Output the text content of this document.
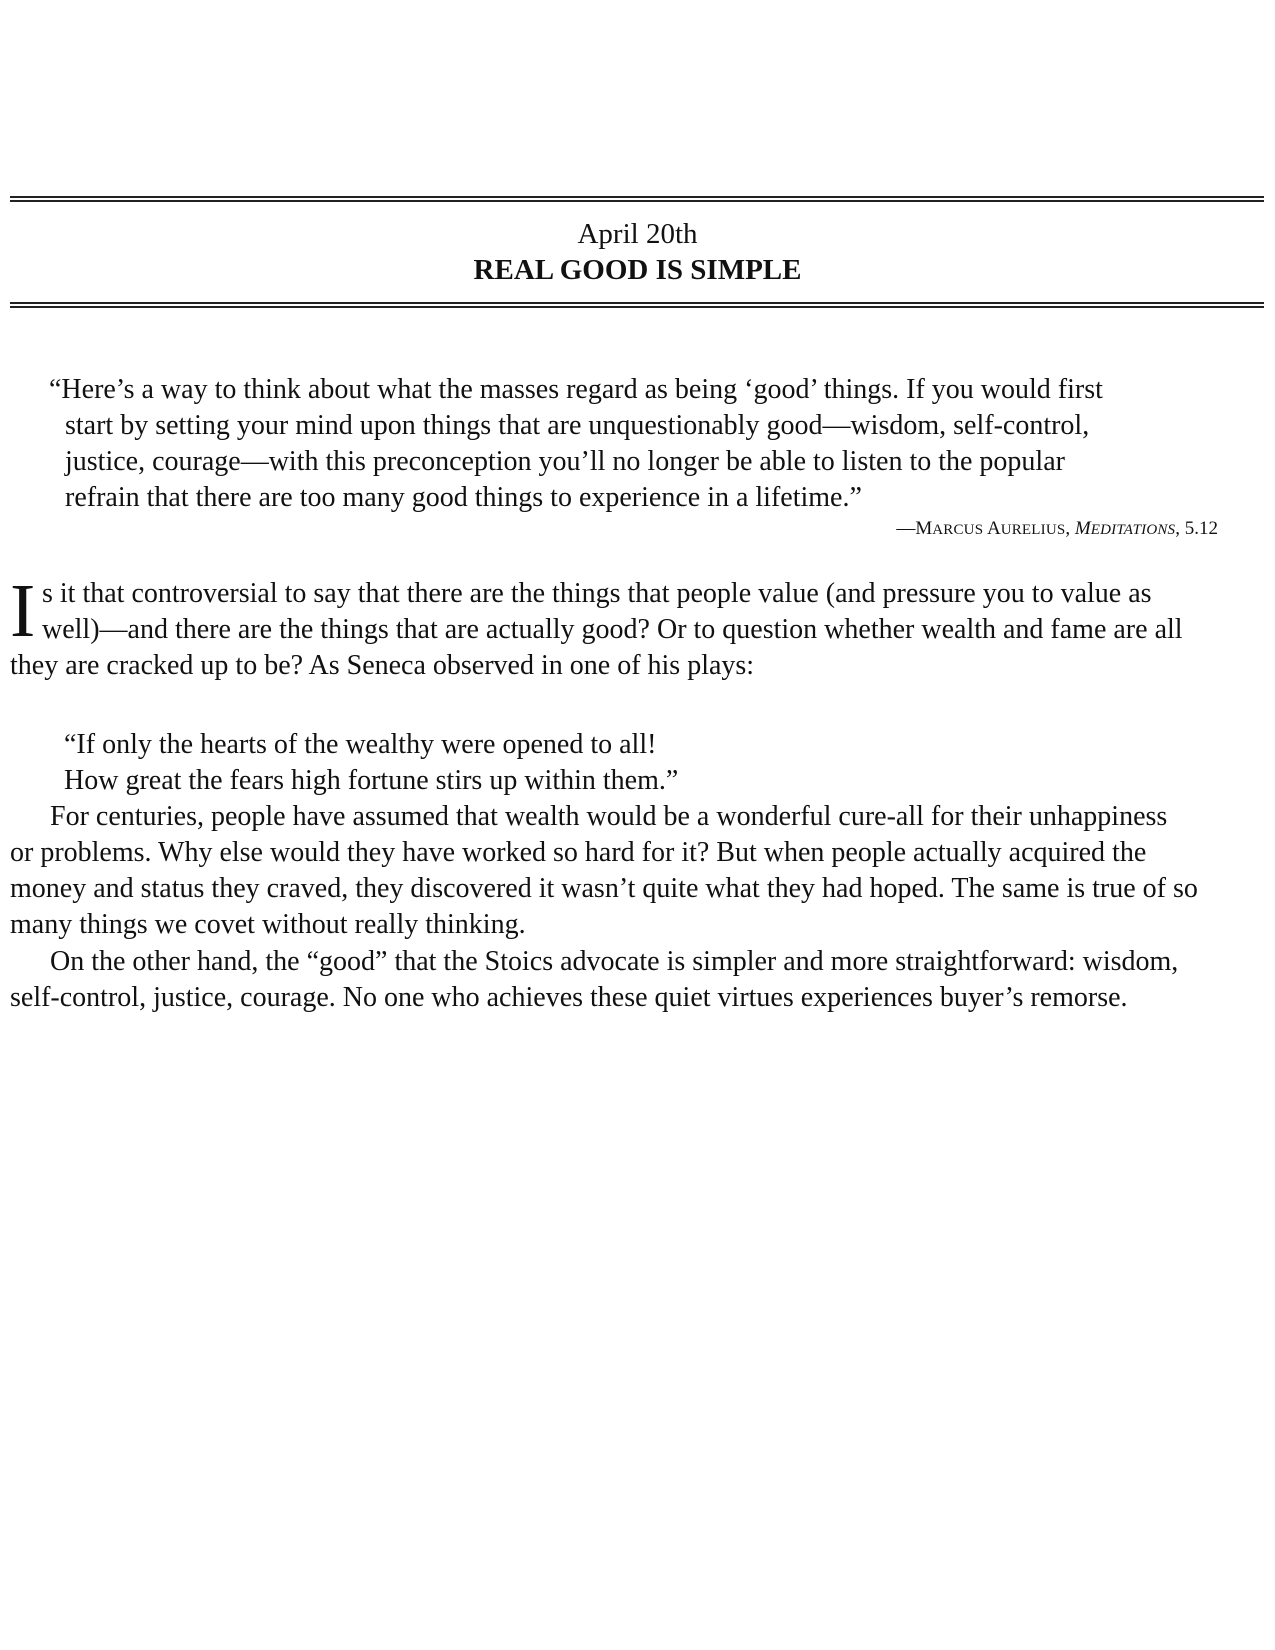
April 20th
REAL GOOD IS SIMPLE
“Here’s a way to think about what the masses regard as being ‘good’ things. If you would first
start by setting your mind upon things that are unquestionably good—wisdom, self-control,
justice, courage—with this preconception you’ll no longer be able to listen to the popular
refrain that there are too many good things to experience in a lifetime.”
—MARCUS AURELIUS, MEDITATIONS, 5.12
I s it that controversial to say that there are the things that people value (and pressure you to value as
well)—and there are the things that are actually good? Or to question whether wealth and fame are all
they are cracked up to be? As Seneca observed in one of his plays:
“If only the hearts of the wealthy were opened to all!
How great the fears high fortune stirs up within them.”
For centuries, people have assumed that wealth would be a wonderful cure-all for their unhappiness
or problems. Why else would they have worked so hard for it? But when people actually acquired the
money and status they craved, they discovered it wasn’t quite what they had hoped. The same is true of so
many things we covet without really thinking.
On the other hand, the “good” that the Stoics advocate is simpler and more straightforward: wisdom,
self-control, justice, courage. No one who achieves these quiet virtues experiences buyer’s remorse.
